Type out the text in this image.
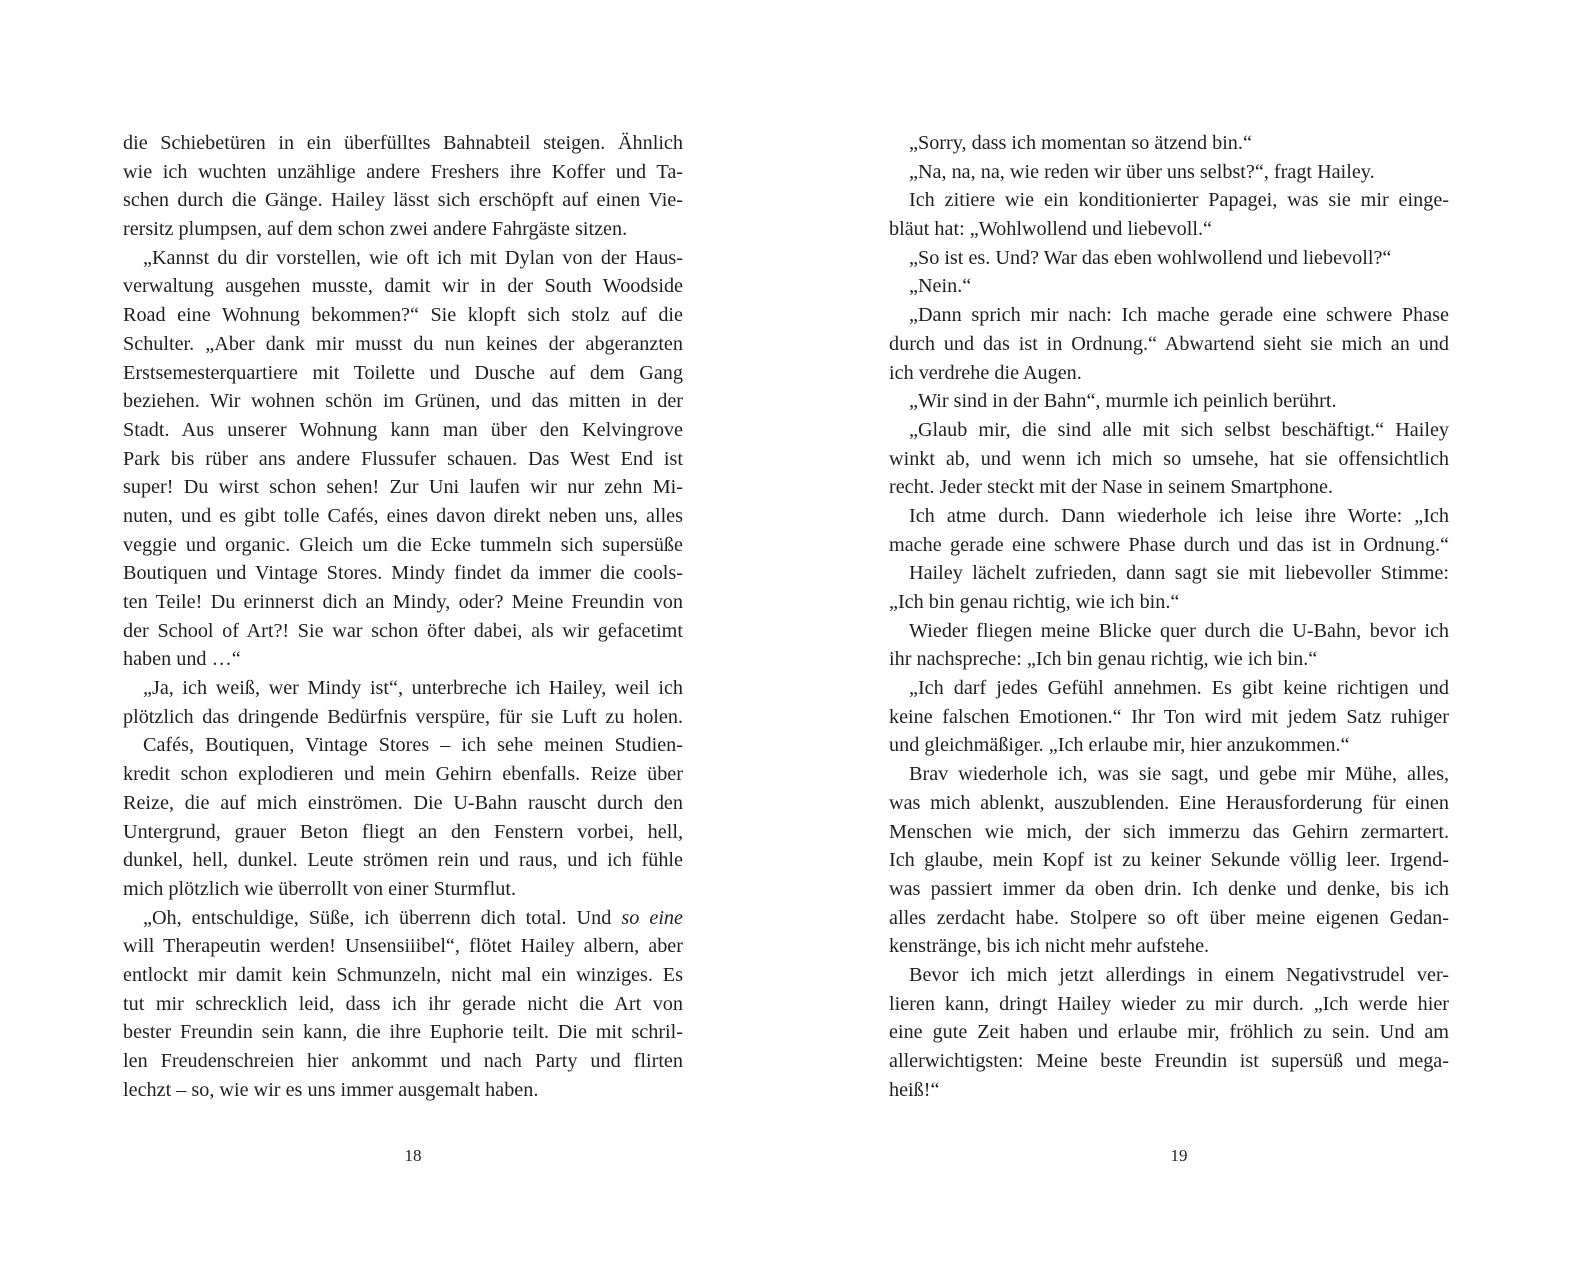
die Schiebetüren in ein überfülltes Bahnabteil steigen. Ähnlich
wie ich wuchten unzählige andere Freshers ihre Koffer und Ta-
schen durch die Gänge. Hailey lässt sich erschöpft auf einen Vie-
rersitz plumpsen, auf dem schon zwei andere Fahrgäste sitzen.
„Kannst du dir vorstellen, wie oft ich mit Dylan von der Haus-
verwaltung ausgehen musste, damit wir in der South Woodside
Road eine Wohnung bekommen?“ Sie klopft sich stolz auf die
Schulter. „Aber dank mir musst du nun keines der abgeranzten
Erstsemesterquartiere mit Toilette und Dusche auf dem Gang
beziehen. Wir wohnen schön im Grünen, und das mitten in der
Stadt. Aus unserer Wohnung kann man über den Kelvingrove
Park bis rüber ans andere Flussufer schauen. Das West End ist
super! Du wirst schon sehen! Zur Uni laufen wir nur zehn Mi-
nuten, und es gibt tolle Cafés, eines davon direkt neben uns, alles
veggie und organic. Gleich um die Ecke tummeln sich supersüße
Boutiquen und Vintage Stores. Mindy findet da immer die cools-
ten Teile! Du erinnerst dich an Mindy, oder? Meine Freundin von
der School of Art?! Sie war schon öfter dabei, als wir gefacetimt
haben und …“
„Ja, ich weiß, wer Mindy ist“, unterbreche ich Hailey, weil ich
plötzlich das dringende Bedürfnis verspüre, für sie Luft zu holen.
Cafés, Boutiquen, Vintage Stores – ich sehe meinen Studien-
kredit schon explodieren und mein Gehirn ebenfalls. Reize über
Reize, die auf mich einströmen. Die U-Bahn rauscht durch den
Untergrund, grauer Beton fliegt an den Fenstern vorbei, hell,
dunkel, hell, dunkel. Leute strömen rein und raus, und ich fühle
mich plötzlich wie überrollt von einer Sturmflut.
„Oh, entschuldige, Süße, ich überrenn dich total. Und so eine
will Therapeutin werden! Unsensiiibel“, flötet Hailey albern, aber
entlockt mir damit kein Schmunzeln, nicht mal ein winziges. Es
tut mir schrecklich leid, dass ich ihr gerade nicht die Art von
bester Freundin sein kann, die ihre Euphorie teilt. Die mit schril-
len Freudenschreien hier ankommt und nach Party und flirten
lechzt – so, wie wir es uns immer ausgemalt haben.
„Sorry, dass ich momentan so ätzend bin.“
„Na, na, na, wie reden wir über uns selbst?“, fragt Hailey.
Ich zitiere wie ein konditionierter Papagei, was sie mir einge-
bläut hat: „Wohlwollend und liebevoll.“
„So ist es. Und? War das eben wohlwollend und liebevoll?“
„Nein.“
„Dann sprich mir nach: Ich mache gerade eine schwere Phase
durch und das ist in Ordnung.“ Abwartend sieht sie mich an und
ich verdrehe die Augen.
„Wir sind in der Bahn“, murmle ich peinlich berührt.
„Glaub mir, die sind alle mit sich selbst beschäftigt.“ Hailey
winkt ab, und wenn ich mich so umsehe, hat sie offensichtlich
recht. Jeder steckt mit der Nase in seinem Smartphone.
Ich atme durch. Dann wiederhole ich leise ihre Worte: „Ich
mache gerade eine schwere Phase durch und das ist in Ordnung.“
Hailey lächelt zufrieden, dann sagt sie mit liebevoller Stimme:
„Ich bin genau richtig, wie ich bin.“
Wieder fliegen meine Blicke quer durch die U-Bahn, bevor ich
ihr nachspreche: „Ich bin genau richtig, wie ich bin.“
„Ich darf jedes Gefühl annehmen. Es gibt keine richtigen und
keine falschen Emotionen.“ Ihr Ton wird mit jedem Satz ruhiger
und gleichmäßiger. „Ich erlaube mir, hier anzukommen.“
Brav wiederhole ich, was sie sagt, und gebe mir Mühe, alles,
was mich ablenkt, auszublenden. Eine Herausforderung für einen
Menschen wie mich, der sich immerzu das Gehirn zermartert.
Ich glaube, mein Kopf ist zu keiner Sekunde völlig leer. Irgend-
was passiert immer da oben drin. Ich denke und denke, bis ich
alles zerdacht habe. Stolpere so oft über meine eigenen Gedan-
kenstränge, bis ich nicht mehr aufstehe.
Bevor ich mich jetzt allerdings in einem Negativstrudel ver-
lieren kann, dringt Hailey wieder zu mir durch. „Ich werde hier
eine gute Zeit haben und erlaube mir, fröhlich zu sein. Und am
allerwichtigsten: Meine beste Freundin ist supersüß und mega-
heiß!“
18	19
